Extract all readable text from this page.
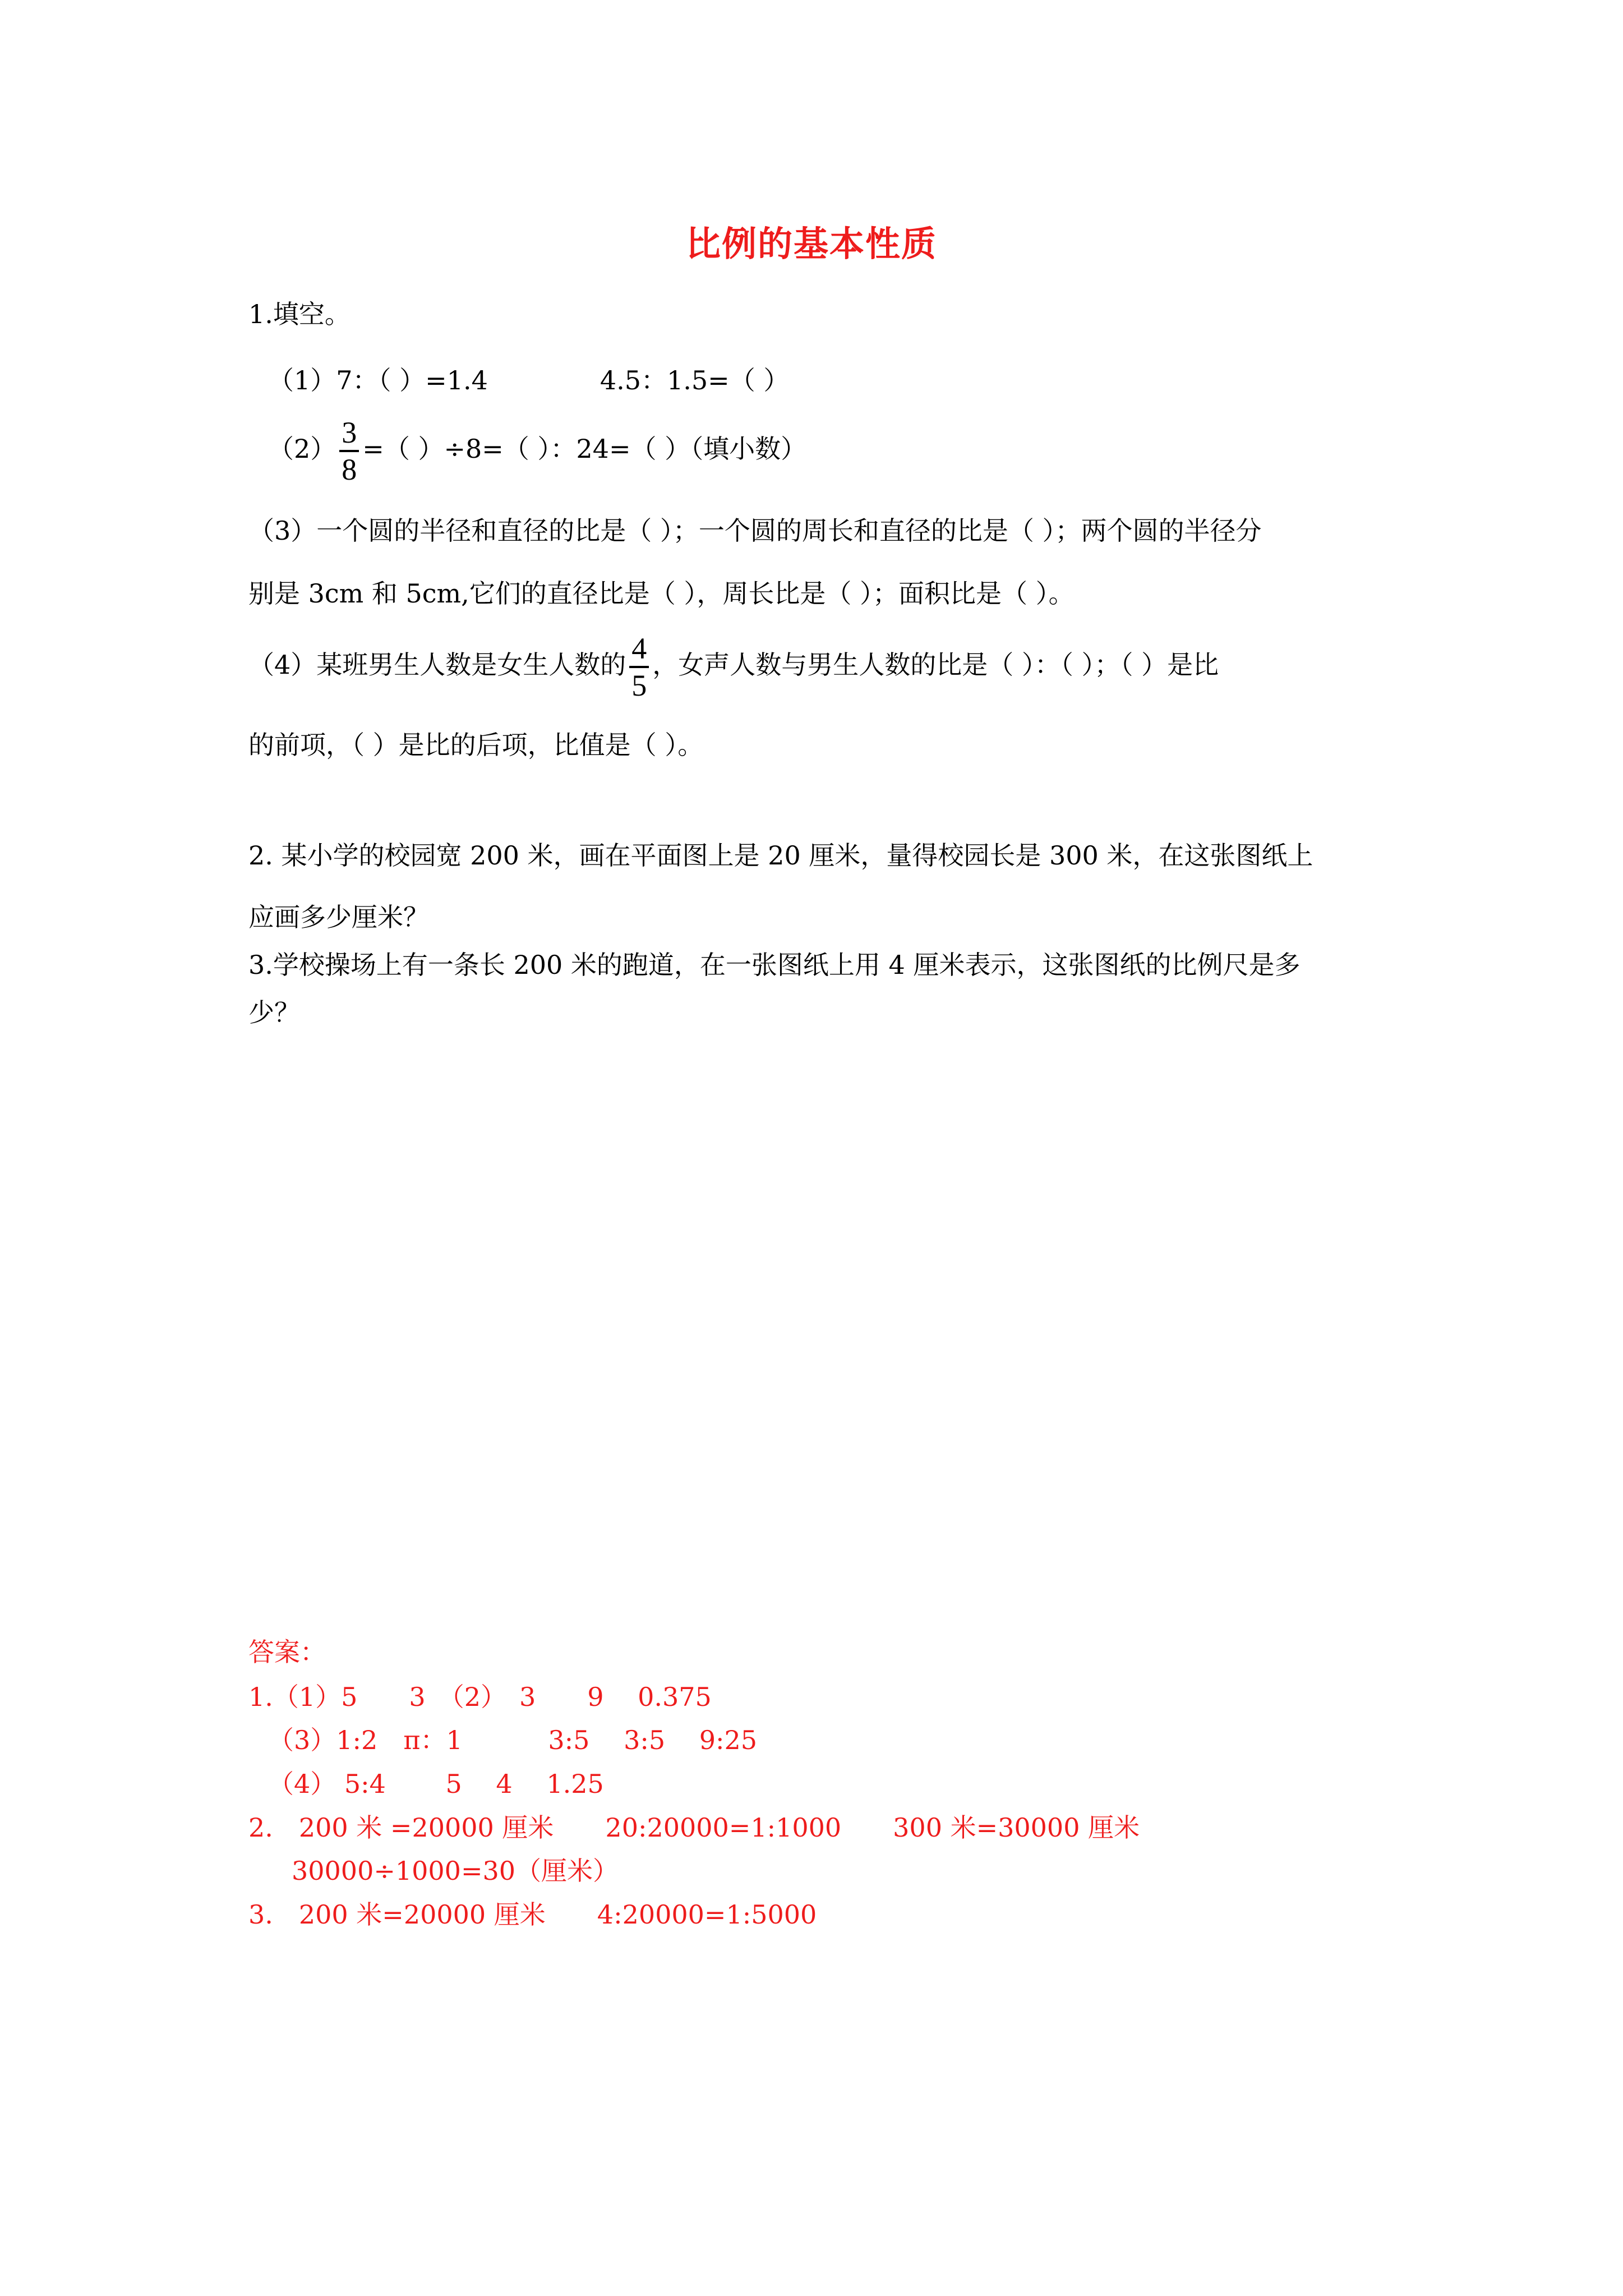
比例的基本性质
1.填空。
（1）7：（ ）=1.4	4.5：1.5=（ ）
$(2) \frac{3}{8}$ =（ ）÷8=（ ）：24=（ ）（填小数）
（3）一个圆的半径和直径的比是（ ）；一个圆的周长和直径的比是（ ）；两个圆的半径分
别是 3cm 和 5cm,它们的直径比是（ ），周长比是（ ）；面积比是（ ）。
（4）某班男生人数是女生人数的 $\frac{4}{5}$ ，女声人数与男生人数的比是（ ）：（ ）；（ ）是比
的前项，（ ）是比的后项，比值是（ ）。
2. 某小学的校园宽 200 米，画在平面图上是 20 厘米，量得校园长是 300 米，在这张图纸上
应画多少厘米？
3.学校操场上有一条长 200 米的跑道，在一张图纸上用 4 厘米表示，这张图纸的比例尺是多
少？
答案：
1.（1）5　　3　（2）　3　　9　 0.375
（3）1:2　π：1　　　 3:5　 3:5　 9:25
（4） 5:4　　 5　 4　 1.25
2.　200 米 =20000 厘米　　20:20000=1:1000　　300 米=30000 厘米
30000÷1000=30（厘米）
3.　200 米=20000 厘米　　4:20000=1:5000
